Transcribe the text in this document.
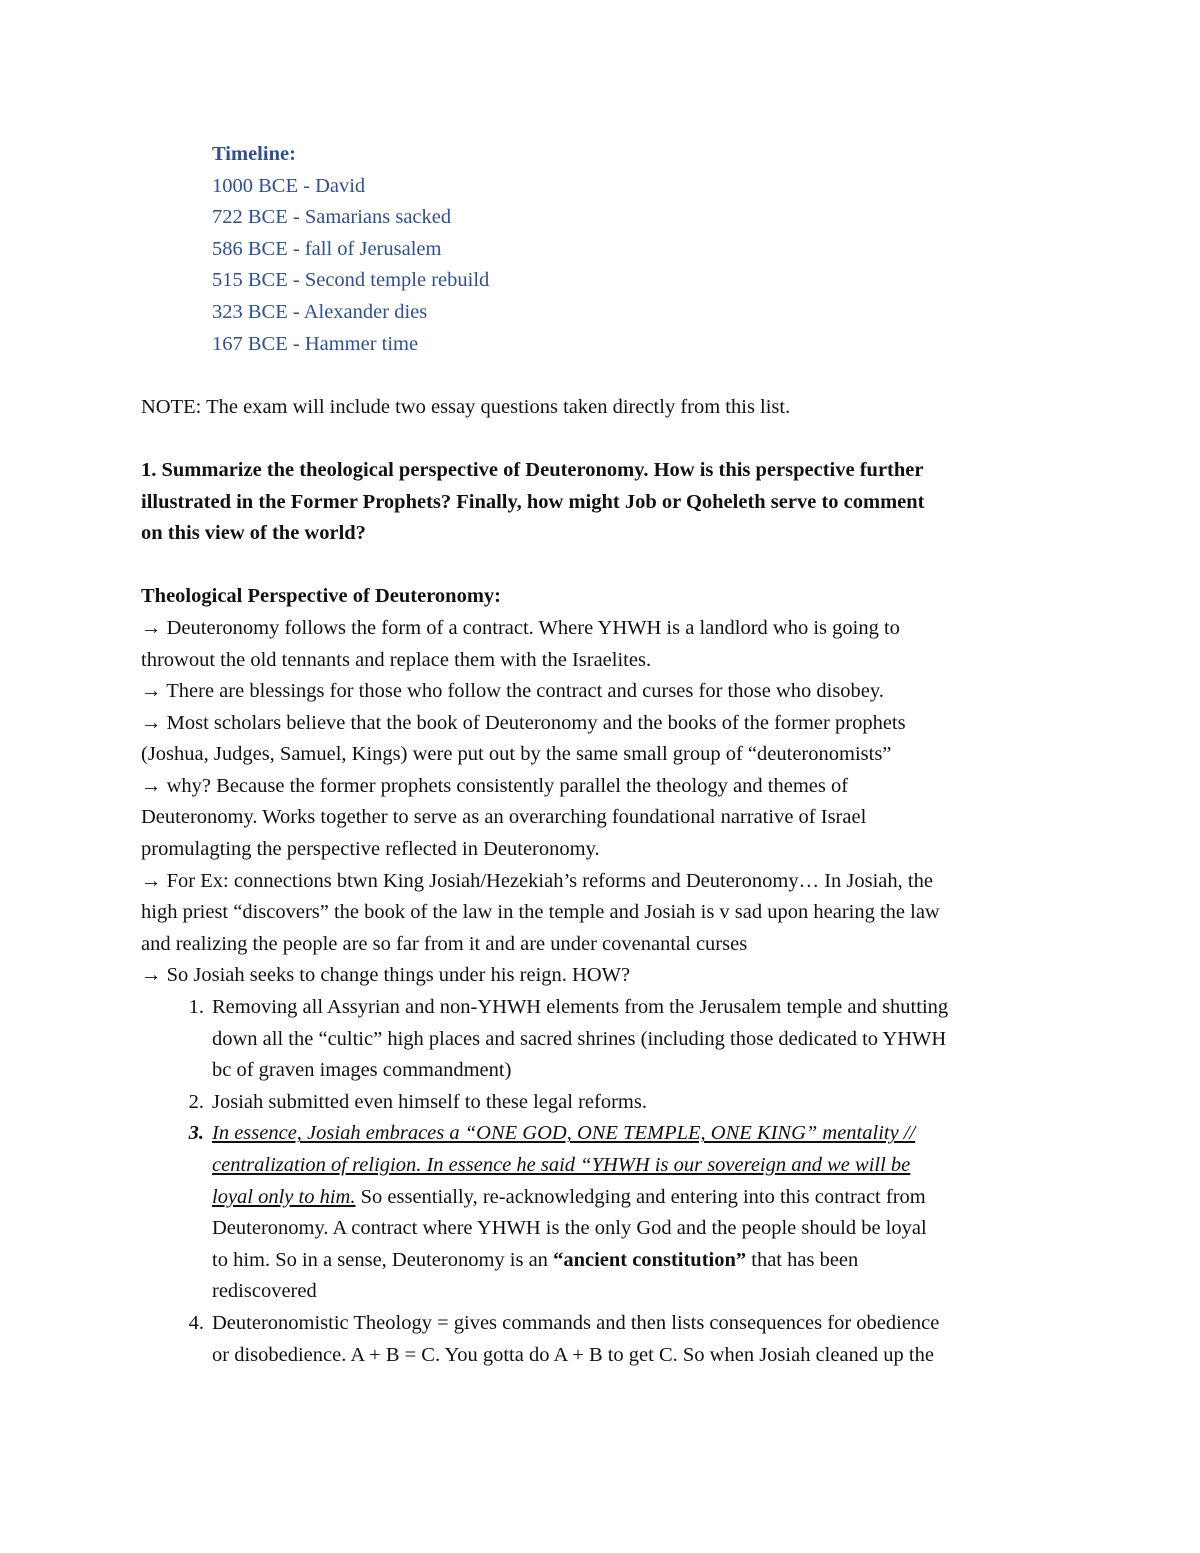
Timeline:
1000 BCE - David
722 BCE - Samarians sacked
586 BCE - fall of Jerusalem
515 BCE - Second temple rebuild
323 BCE - Alexander dies
167 BCE - Hammer time
NOTE: The exam will include two essay questions taken directly from this list.
1. Summarize the theological perspective of Deuteronomy. How is this perspective further
illustrated in the Former Prophets? Finally, how might Job or Qoheleth serve to comment
on this view of the world?
Theological Perspective of Deuteronomy:
→ Deuteronomy follows the form of a contract. Where YHWH is a landlord who is going to
throwout the old tennants and replace them with the Israelites.
→ There are blessings for those who follow the contract and curses for those who disobey.
→ Most scholars believe that the book of Deuteronomy and the books of the former prophets
(Joshua, Judges, Samuel, Kings) were put out by the same small group of “deuteronomists”
→ why? Because the former prophets consistently parallel the theology and themes of
Deuteronomy. Works together to serve as an overarching foundational narrative of Israel
promulagting the perspective reflected in Deuteronomy.
→ For Ex: connections btwn King Josiah/Hezekiah’s reforms and Deuteronomy… In Josiah, the
high priest “discovers” the book of the law in the temple and Josiah is v sad upon hearing the law
and realizing the people are so far from it and are under covenantal curses
→ So Josiah seeks to change things under his reign. HOW?
1. Removing all Assyrian and non-YHWH elements from the Jerusalem temple and shutting
down all the “cultic” high places and sacred shrines (including those dedicated to YHWH
bc of graven images commandment)
2. Josiah submitted even himself to these legal reforms.
3. In essence, Josiah embraces a “ONE GOD, ONE TEMPLE, ONE KING” mentality //
centralization of religion. In essence he said “YHWH is our sovereign and we will be
loyal only to him. So essentially, re-acknowledging and entering into this contract from
Deuteronomy. A contract where YHWH is the only God and the people should be loyal
to him. So in a sense, Deuteronomy is an “ancient constitution” that has been
rediscovered
4. Deuteronomistic Theology = gives commands and then lists consequences for obedience
or disobedience. A + B = C. You gotta do A + B to get C. So when Josiah cleaned up the
